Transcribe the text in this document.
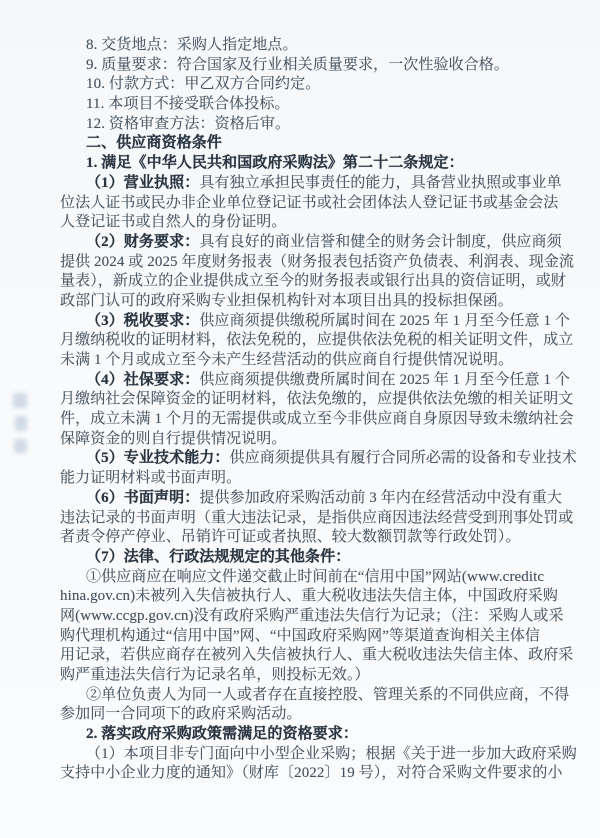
8. 交货地点：采购人指定地点。
9. 质量要求：符合国家及行业相关质量要求，一次性验收合格。
10. 付款方式：甲乙双方合同约定。
11. 本项目不接受联合体投标。
12. 资格审查方法：资格后审。
二、供应商资格条件
1. 满足《中华人民共和国政府采购法》第二十二条规定：
（1）营业执照：具有独立承担民事责任的能力，具备营业执照或事业单
位法人证书或民办非企业单位登记证书或社会团体法人登记证书或基金会法
人登记证书或自然人的身份证明。
（2）财务要求：具有良好的商业信誉和健全的财务会计制度，供应商须
提供 2024 或 2025 年度财务报表（财务报表包括资产负债表、利润表、现金流
量表），新成立的企业提供成立至今的财务报表或银行出具的资信证明，或财
政部门认可的政府采购专业担保机构针对本项目出具的投标担保函。
（3）税收要求：供应商须提供缴税所属时间在 2025 年 1 月至今任意 1 个
月缴纳税收的证明材料，依法免税的，应提供依法免税的相关证明文件，成立
未满 1 个月或成立至今未产生经营活动的供应商自行提供情况说明。
（4）社保要求：供应商须提供缴费所属时间在 2025 年 1 月至今任意 1 个
月缴纳社会保障资金的证明材料，依法免缴的，应提供依法免缴的相关证明文
件，成立未满 1 个月的无需提供或成立至今非供应商自身原因导致未缴纳社会
保障资金的则自行提供情况说明。
（5）专业技术能力：供应商须提供具有履行合同所必需的设备和专业技术
能力证明材料或书面声明。
（6）书面声明：提供参加政府采购活动前 3 年内在经营活动中没有重大
违法记录的书面声明（重大违法记录，是指供应商因违法经营受到刑事处罚或
者责令停产停业、吊销许可证或者执照、较大数额罚款等行政处罚）。
（7）法律、行政法规规定的其他条件：
①供应商应在响应文件递交截止时间前在“信用中国”网站(www.creditc
hina.gov.cn)未被列入失信被执行人、重大税收违法失信主体，中国政府采购
网(www.ccgp.gov.cn)没有政府采购严重违法失信行为记录；（注：采购人或采
购代理机构通过“信用中国”网、“中国政府采购网”等渠道查询相关主体信
用记录，若供应商存在被列入失信被执行人、重大税收违法失信主体、政府采
购严重违法失信行为记录名单，则投标无效。）
②单位负责人为同一人或者存在直接控股、管理关系的不同供应商，不得
参加同一合同项下的政府采购活动。
2. 落实政府采购政策需满足的资格要求：
（1）本项目非专门面向中小型企业采购；根据《关于进一步加大政府采购
支持中小企业力度的通知》（财库〔2022〕19 号），对符合采购文件要求的小
